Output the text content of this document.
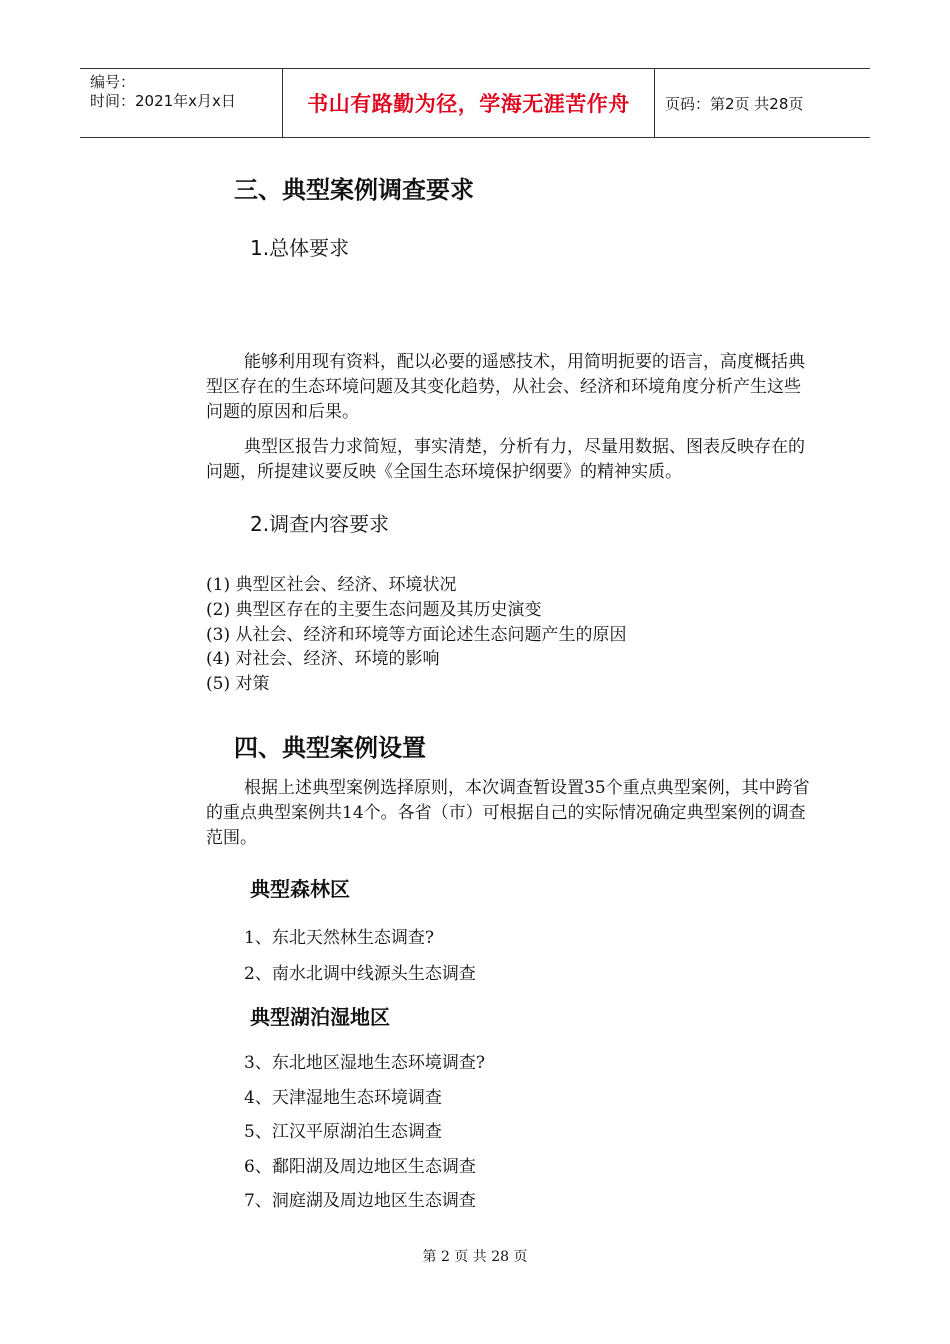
编号：
时间：2021年x月x日	书山有路勤为径，学海无涯苦作舟	页码：第2页 共28页
三、典型案例调查要求
1.总体要求

能够利用现有资料，配以必要的遥感技术，用简明扼要的语言，高度概括典型区存在的生态环境问题及其变化趋势，从社会、经济和环境角度分析产生这些问题的原因和后果。

典型区报告力求简短，事实清楚，分析有力，尽量用数据、图表反映存在的问题，所提建议要反映《全国生态环境保护纲要》的精神实质。

2.调查内容要求
(1) 典型区社会、经济、环境状况
(2) 典型区存在的主要生态问题及其历史演变
(3) 从社会、经济和环境等方面论述生态问题产生的原因
(4) 对社会、经济、环境的影响
(5) 对策
四、典型案例设置

根据上述典型案例选择原则，本次调查暂设置35个重点典型案例，其中跨省的重点典型案例共14个。各省（市）可根据自己的实际情况确定典型案例的调查范围。

典型森林区
1、东北天然林生态调查?
2、南水北调中线源头生态调查
典型湖泊湿地区
3、东北地区湿地生态环境调查?
4、天津湿地生态环境调查
5、江汉平原湖泊生态调查
6、鄱阳湖及周边地区生态调查
7、洞庭湖及周边地区生态调查
第 2 页 共 28 页
